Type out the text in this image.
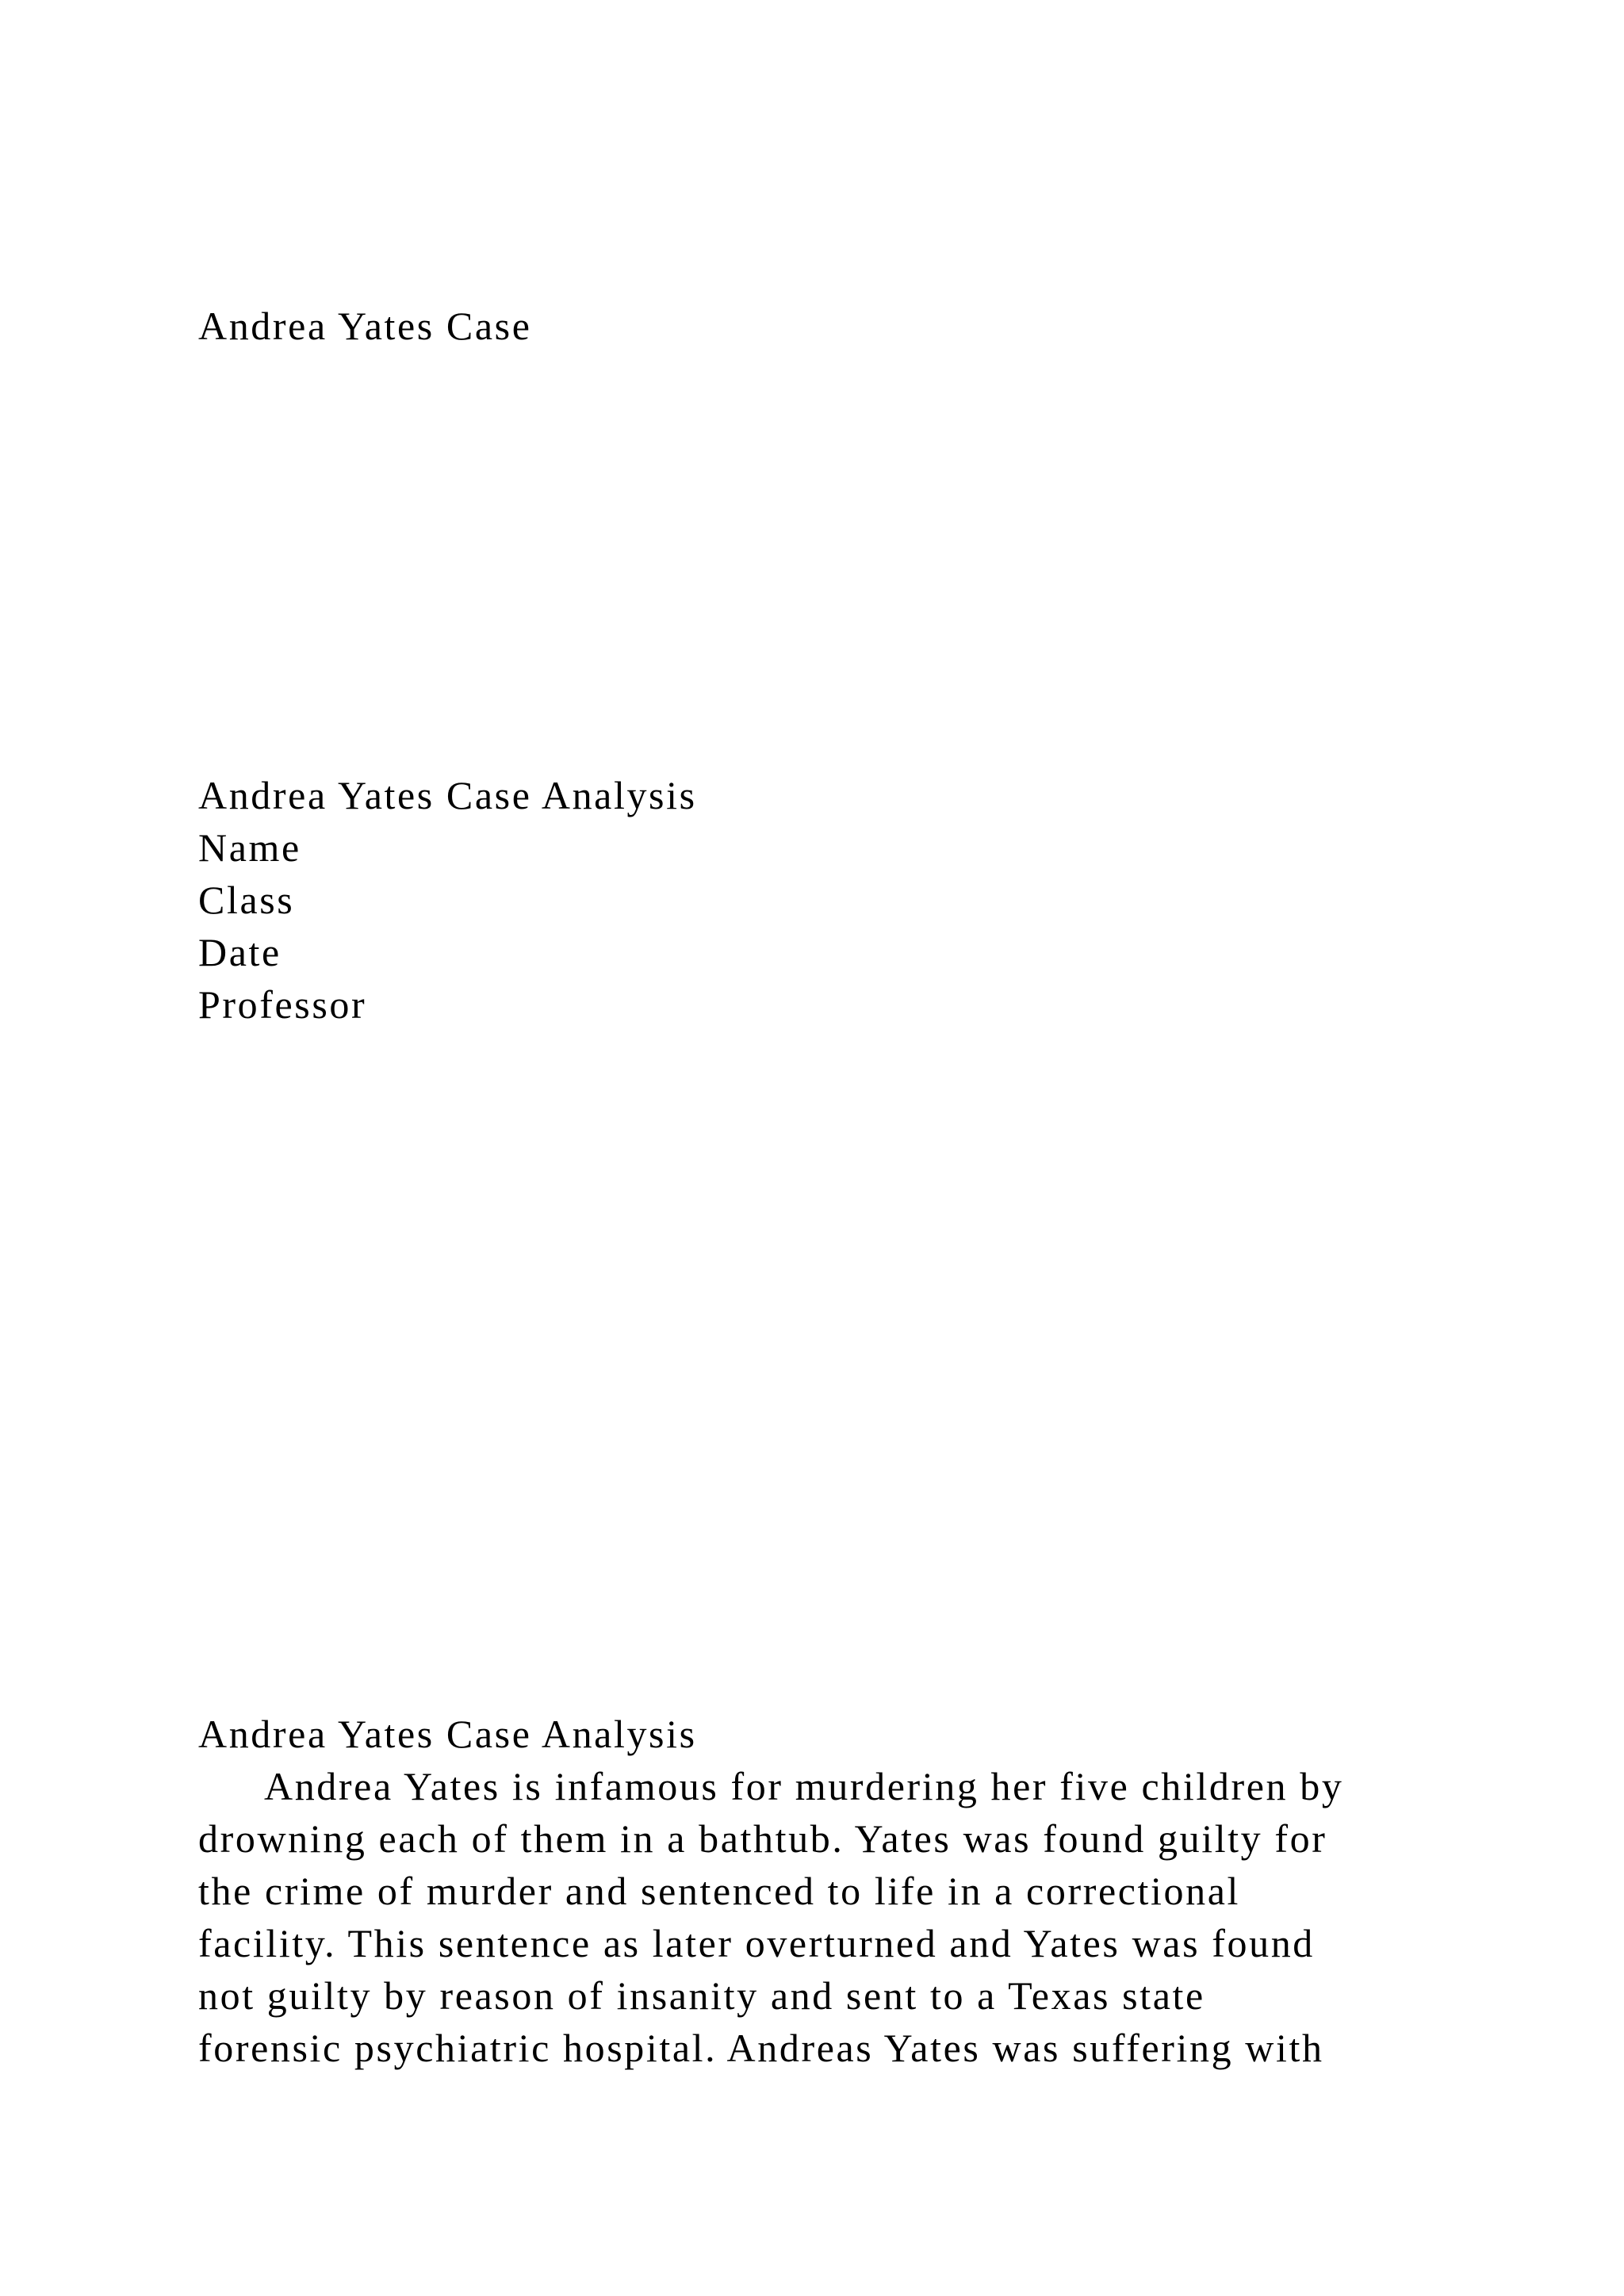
Andrea Yates Case
Andrea Yates Case Analysis
Name
Class
Date
Professor
Andrea Yates Case Analysis
Andrea Yates is infamous for murdering her five children by
drowning each of them in a bathtub. Yates was found guilty for
the crime of murder and sentenced to life in a correctional
facility. This sentence as later overturned and Yates was found
not guilty by reason of insanity and sent to a Texas state
forensic psychiatric hospital. Andreas Yates was suffering with
